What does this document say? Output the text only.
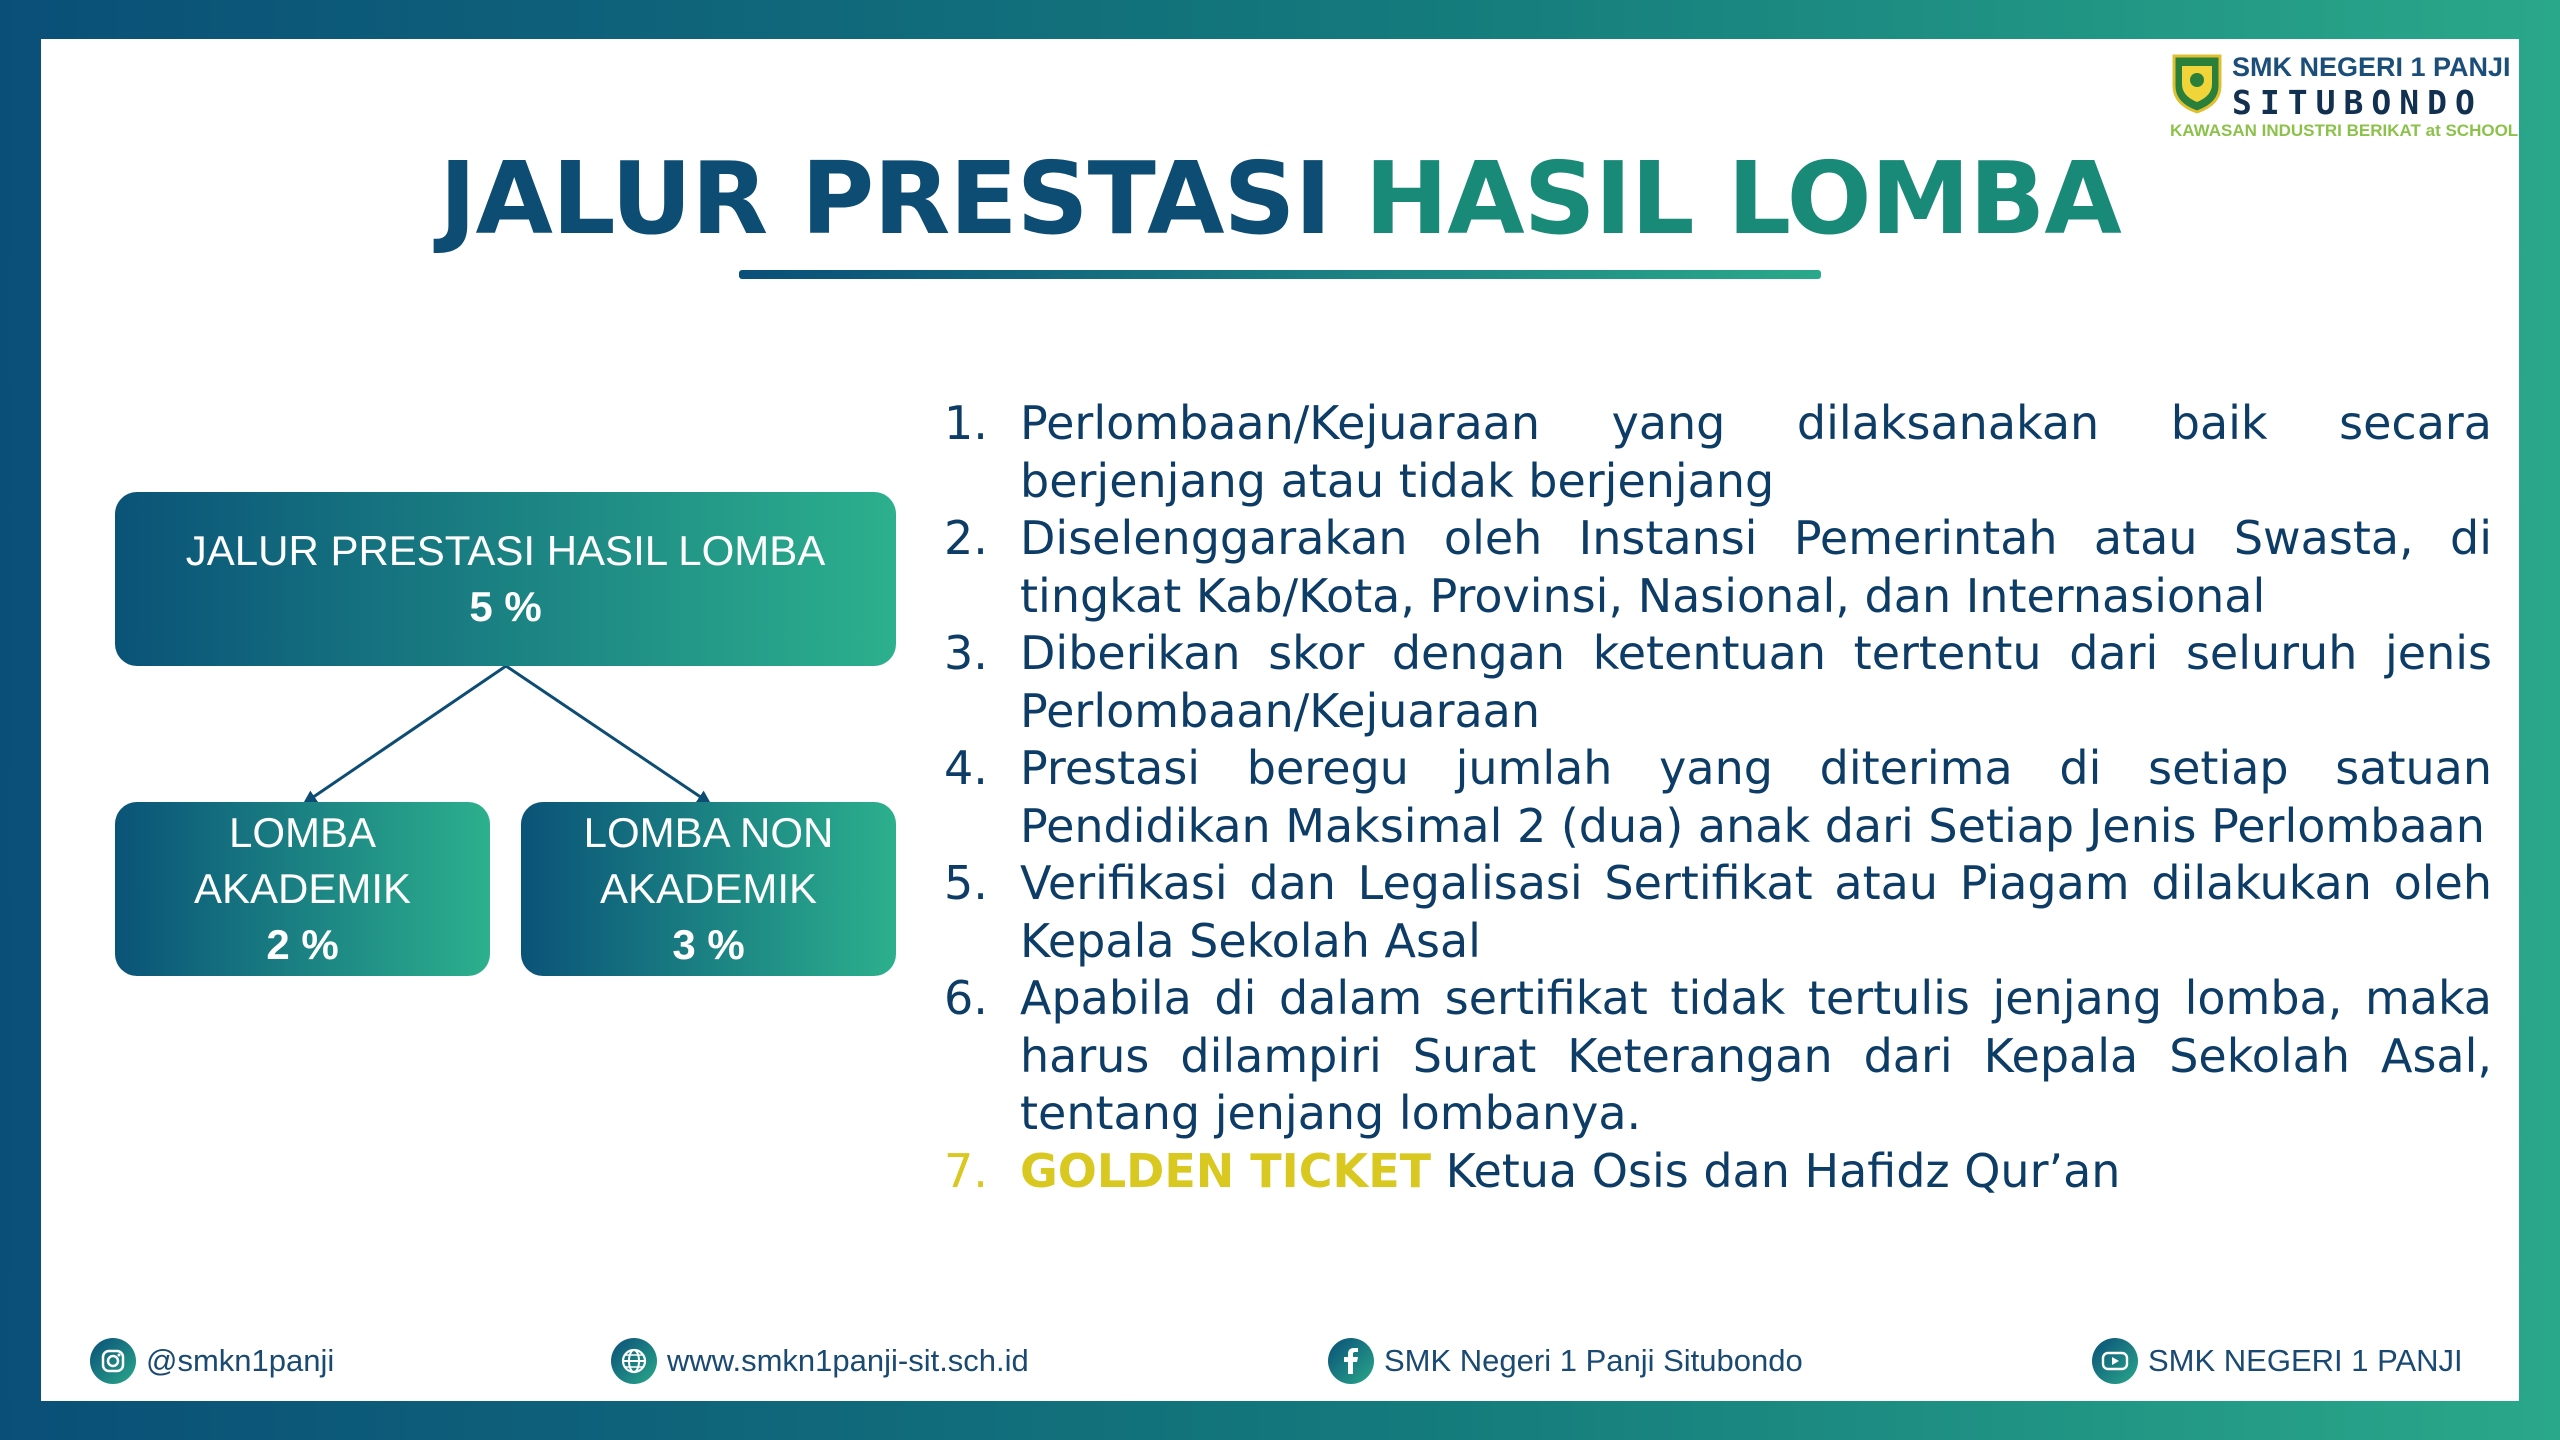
SMK NEGERI 1 PANJI
SITUBONDO
KAWASAN INDUSTRI BERIKAT at SCHOOL
JALUR PRESTASI HASIL LOMBA
JALUR PRESTASI HASIL LOMBA
5 %
LOMBA
AKADEMIK
2 %
LOMBA NON
AKADEMIK
3 %
1. Perlombaan/Kejuaraan yang dilaksanakan baik secara berjenjang atau tidak berjenjang
2. Diselenggarakan oleh Instansi Pemerintah atau Swasta, di tingkat Kab/Kota, Provinsi, Nasional, dan Internasional
3. Diberikan skor dengan ketentuan tertentu dari seluruh jenis Perlombaan/Kejuaraan
4. Prestasi beregu jumlah yang diterima di setiap satuan Pendidikan Maksimal 2 (dua) anak dari Setiap Jenis Perlombaan
5. Verifikasi dan Legalisasi Sertifikat atau Piagam dilakukan oleh Kepala Sekolah Asal
6. Apabila di dalam sertifikat tidak tertulis jenjang lomba, maka harus dilampiri Surat Keterangan dari Kepala Sekolah Asal, tentang jenjang lombanya.
7. GOLDEN TICKET Ketua Osis dan Hafidz Qur’an
@smkn1panji	www.smkn1panji-sit.sch.id	SMK Negeri 1 Panji Situbondo	SMK NEGERI 1 PANJI
